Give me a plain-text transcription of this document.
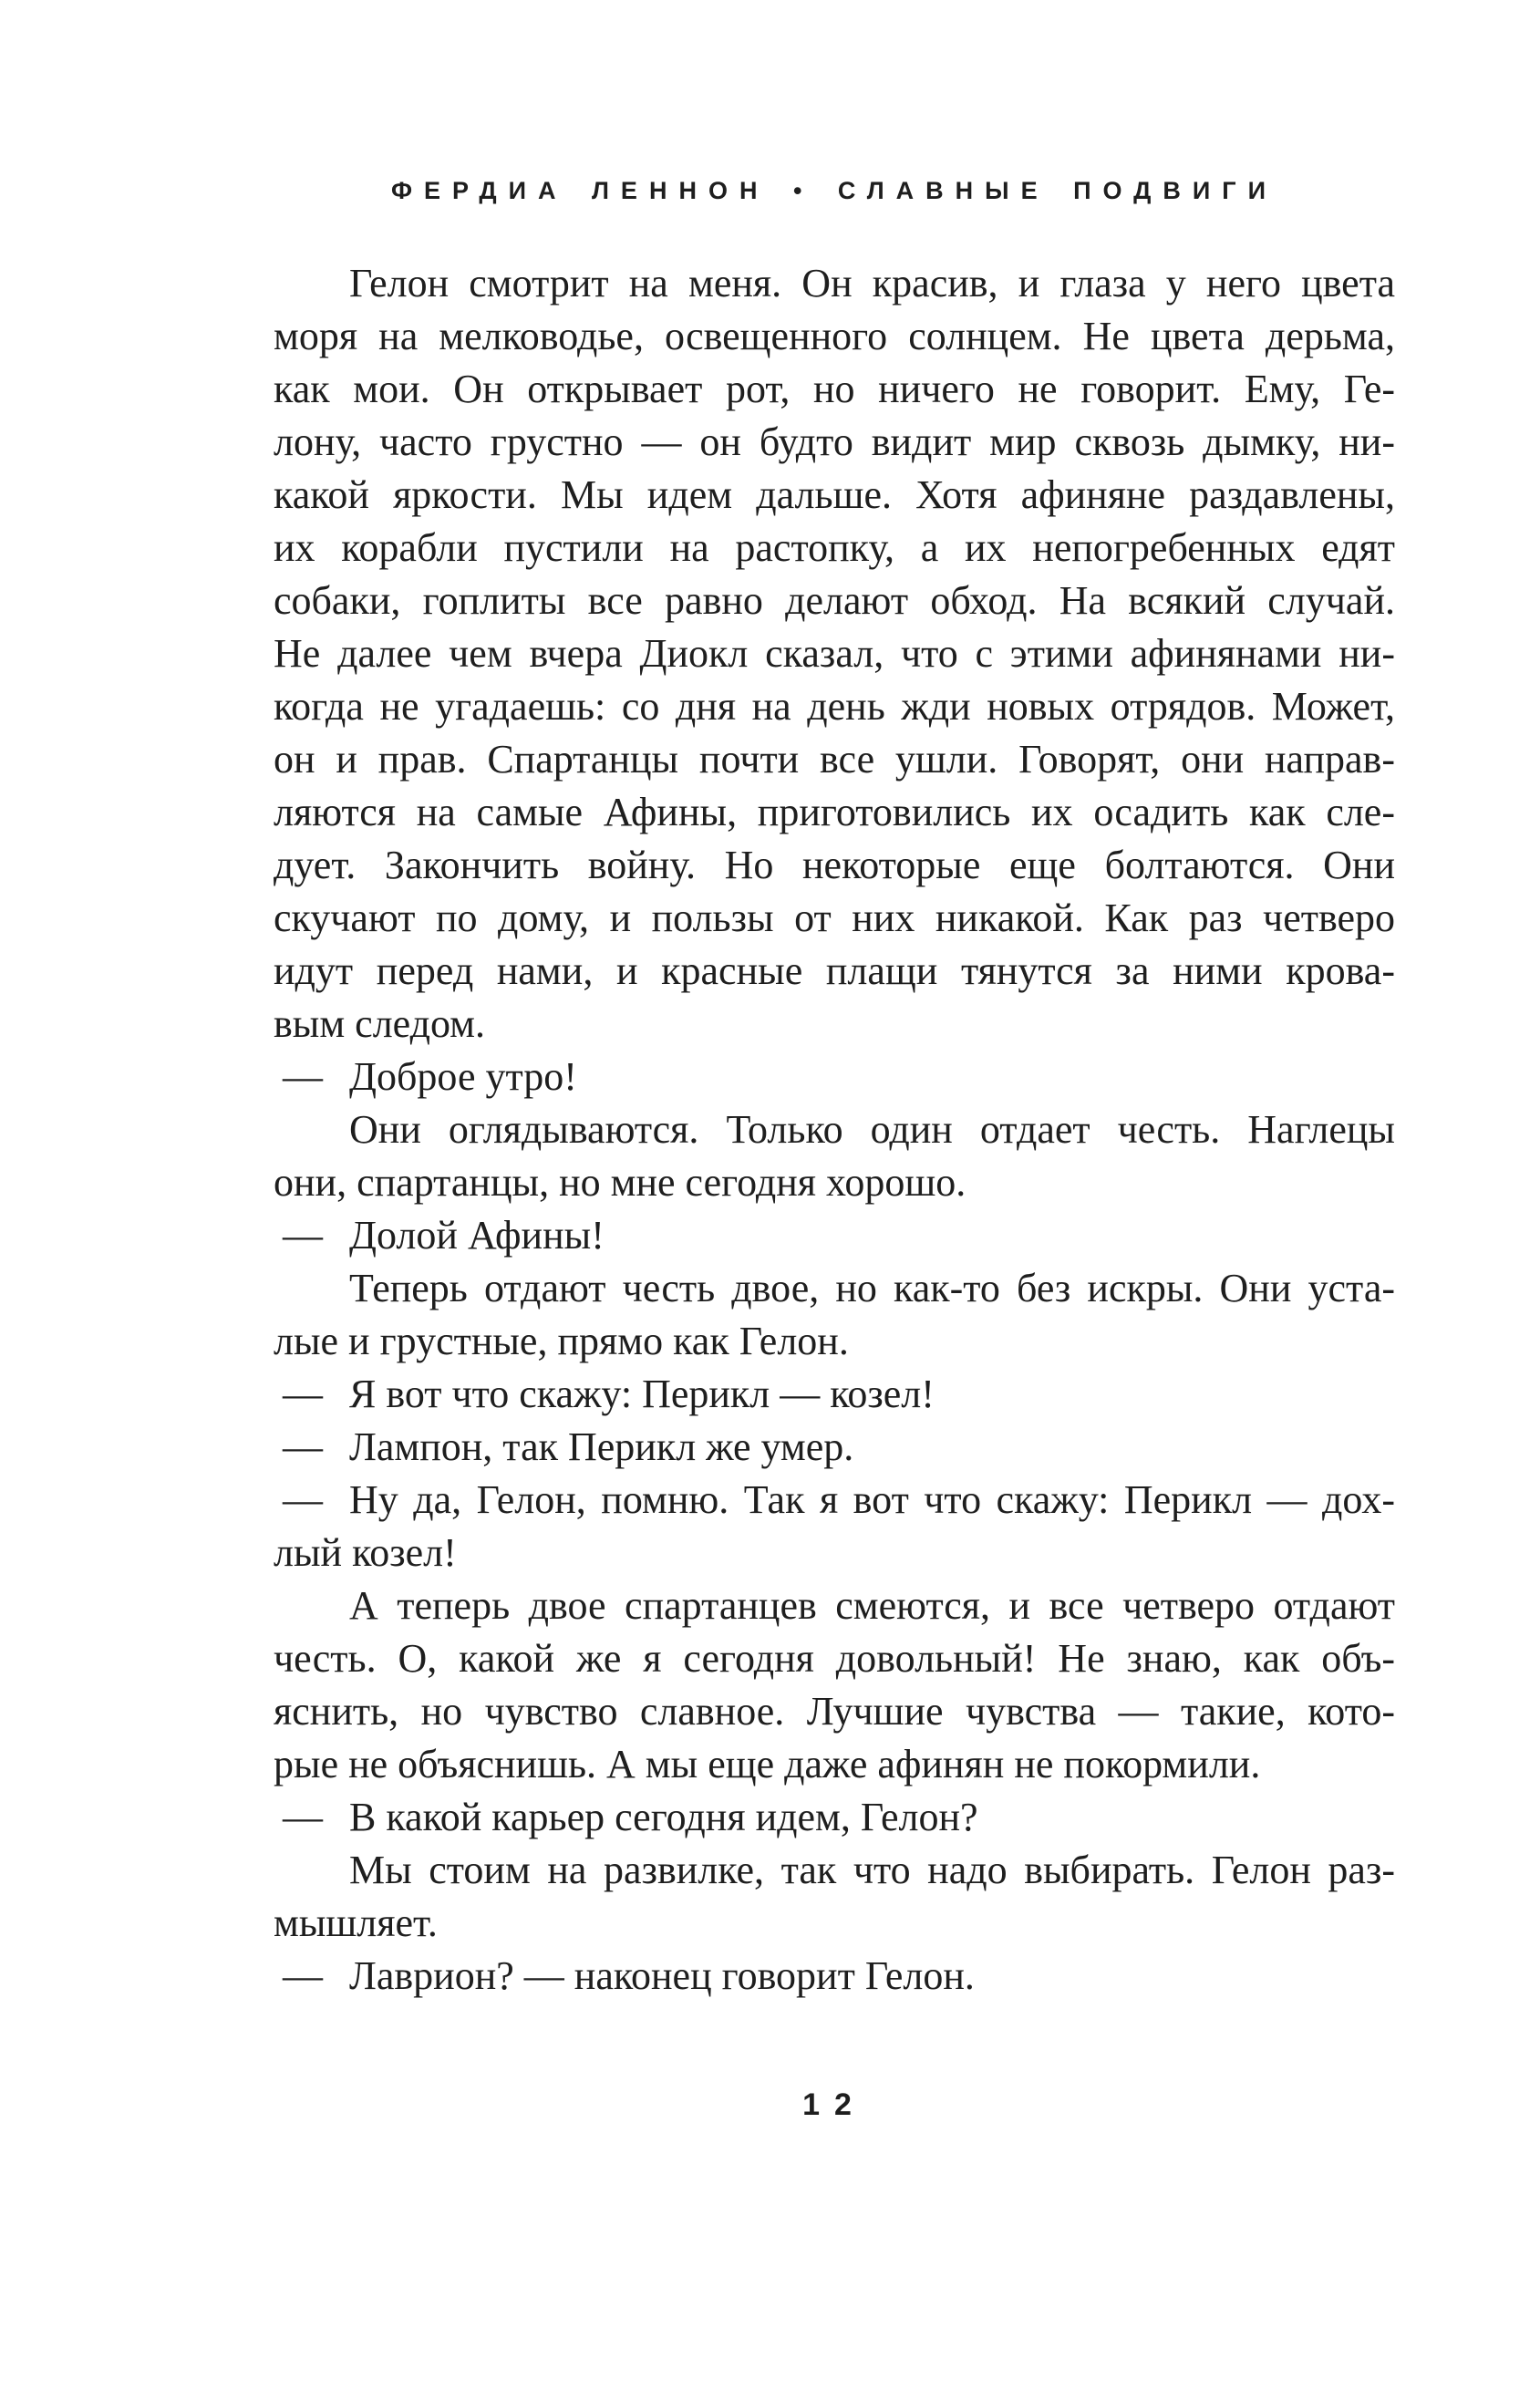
ФЕРДИА ЛЕННОН • СЛАВНЫЕ ПОДВИГИ
Гелон смотрит на меня. Он красив, и глаза у него цвета
моря на мелководье, освещенного солнцем. Не цвета дерьма,
как мои. Он открывает рот, но ничего не говорит. Ему, Ге-
лону, часто грустно — он будто видит мир сквозь дымку, ни-
какой яркости. Мы идем дальше. Хотя афиняне раздавлены,
их корабли пустили на растопку, а их непогребенных едят
собаки, гоплиты все равно делают обход. На всякий случай.
Не далее чем вчера Диокл сказал, что с этими афинянами ни-
когда не угадаешь: со дня на день жди новых отрядов. Может,
он и прав. Спартанцы почти все ушли. Говорят, они направ-
ляются на самые Афины, приготовились их осадить как сле-
дует. Закончить войну. Но некоторые еще болтаются. Они
скучают по дому, и пользы от них никакой. Как раз четверо
идут перед нами, и красные плащи тянутся за ними крова-
вым следом.
— Доброе утро!
Они оглядываются. Только один отдает честь. Наглецы
они, спартанцы, но мне сегодня хорошо.
— Долой Афины!
Теперь отдают честь двое, но как-то без искры. Они уста-
лые и грустные, прямо как Гелон.
— Я вот что скажу: Перикл — козел!
— Лампон, так Перикл же умер.
— Ну да, Гелон, помню. Так я вот что скажу: Перикл — дох-
лый козел!
А теперь двое спартанцев смеются, и все четверо отдают
честь. О, какой же я сегодня довольный! Не знаю, как объ-
яснить, но чувство славное. Лучшие чувства — такие, кото-
рые не объяснишь. А мы еще даже афинян не покормили.
— В какой карьер сегодня идем, Гелон?
Мы стоим на развилке, так что надо выбирать. Гелон раз-
мышляет.
— Лаврион? — наконец говорит Гелон.
12
